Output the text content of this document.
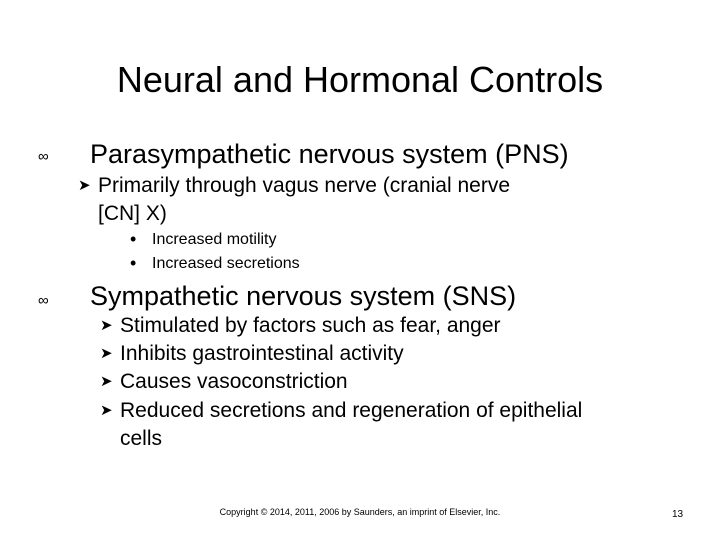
Neural and Hormonal Controls
∞ Parasympathetic nervous system (PNS)
➤ Primarily through vagus nerve (cranial nerve
[CN] X)
• Increased motility
• Increased secretions
∞ Sympathetic nervous system (SNS)
➤ Stimulated by factors such as fear, anger
➤ Inhibits gastrointestinal activity
➤ Causes vasoconstriction
➤ Reduced secretions and regeneration of epithelial
cells
Copyright © 2014, 2011, 2006 by Saunders, an imprint of Elsevier, Inc.	13
